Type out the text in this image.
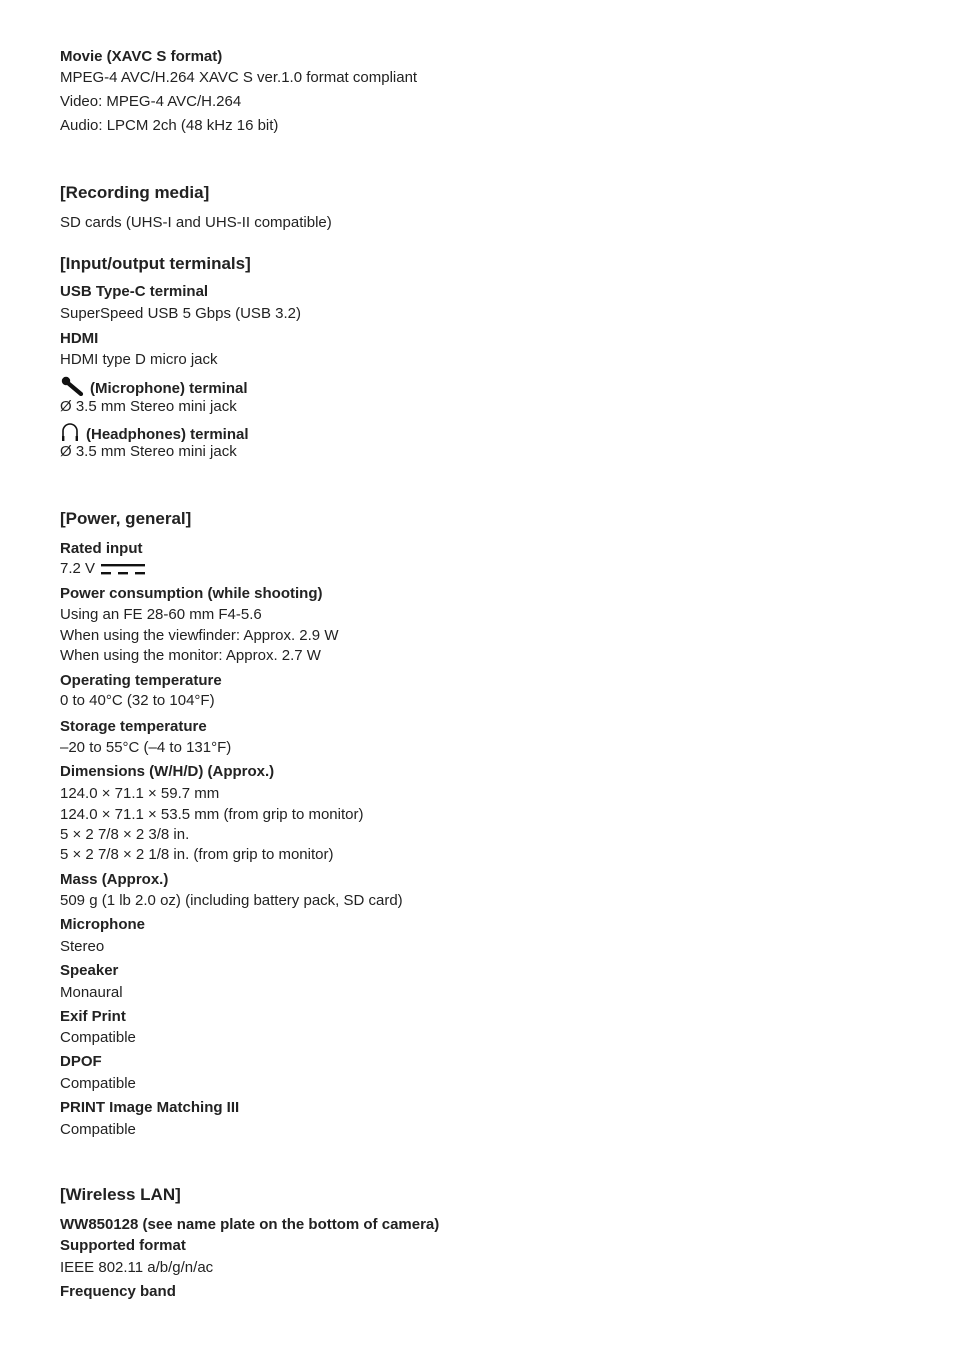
Movie (XAVC S format)
MPEG-4 AVC/H.264 XAVC S ver.1.0 format compliant
Video: MPEG-4 AVC/H.264
Audio: LPCM 2ch (48 kHz 16 bit)
[Recording media]
SD cards (UHS-I and UHS-II compatible)
[Input/output terminals]
USB Type-C terminal
SuperSpeed USB 5 Gbps (USB 3.2)
HDMI
HDMI type D micro jack
(Microphone) terminal
Ø 3.5 mm Stereo mini jack
(Headphones) terminal
Ø 3.5 mm Stereo mini jack
[Power, general]
Rated input
7.2 V
Power consumption (while shooting)
Using an FE 28-60 mm F4-5.6
When using the viewfinder: Approx. 2.9 W
When using the monitor: Approx. 2.7 W
Operating temperature
0 to 40°C (32 to 104°F)
Storage temperature
–20 to 55°C (–4 to 131°F)
Dimensions (W/H/D) (Approx.)
124.0 × 71.1 × 59.7 mm
124.0 × 71.1 × 53.5 mm (from grip to monitor)
5 × 2 7/8 × 2 3/8 in.
5 × 2 7/8 × 2 1/8 in. (from grip to monitor)
Mass (Approx.)
509 g (1 lb 2.0 oz) (including battery pack, SD card)
Microphone
Stereo
Speaker
Monaural
Exif Print
Compatible
DPOF
Compatible
PRINT Image Matching III
Compatible
[Wireless LAN]
WW850128 (see name plate on the bottom of camera)
Supported format
IEEE 802.11 a/b/g/n/ac
Frequency band
